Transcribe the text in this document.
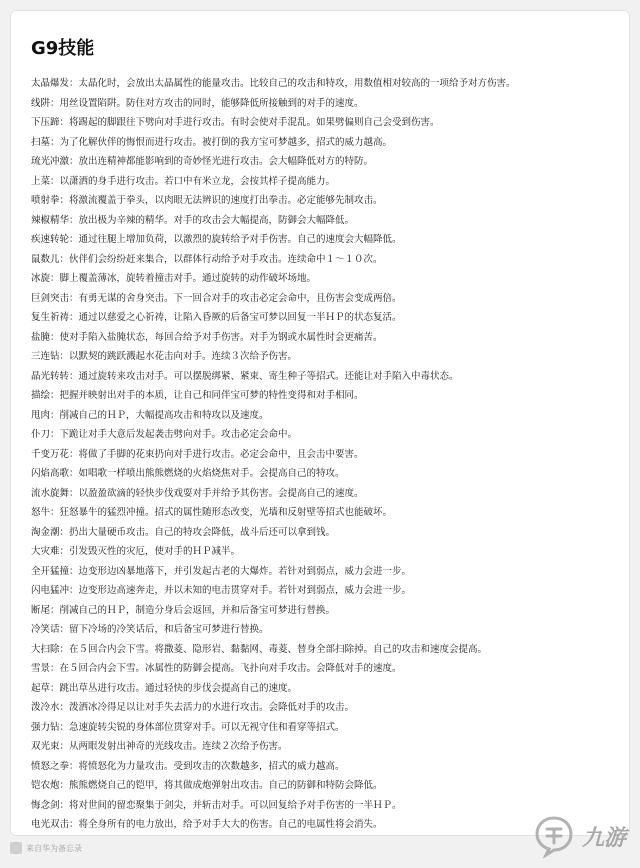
G9技能
太晶爆发：太晶化时，会放出太晶属性的能量攻击。比较自己的攻击和特攻，用数值相对较高的一项给予对方伤害。
线阱：用丝设置陷阱。防住对方攻击的同时，能够降低所接触到的对手的速度。
下压蹄：将踢起的脚跟往下劈向对手进行攻击。有时会使对手混乱。如果劈偏则自己会受到伤害。
扫墓：为了化解伙伴的悔恨而进行攻击。被打倒的我方宝可梦越多，招式的威力越高。
琉光冲激：放出连精神都能影响到的奇妙怪光进行攻击。会大幅降低对方的特防。
上菜：以潇洒的身手进行攻击。若口中有米立龙，会按其样子提高能力。
喷射拳：将激流覆盖于拳头，以肉眼无法辨识的速度打出拳击。必定能够先制攻击。
辣椒精华：放出极为辛辣的精华。对手的攻击会大幅提高，防御会大幅降低。
疾速转轮：通过往腿上增加负荷，以激烈的旋转给予对手伤害。自己的速度会大幅降低。
鼠数儿：伙伴们会纷纷赶来集合，以群体行动给予对手攻击。连续命中１～１０次。
冰旋：脚上覆盖薄冰，旋转着撞击对手。通过旋转的动作破坏场地。
巨剑突击：有勇无谋的舍身突击。下一回合对手的攻击必定会命中，且伤害会变成两倍。
复生祈祷：通过以慈爱之心祈祷，让陷入昏厥的后备宝可梦以回复一半ＨＰ的状态复活。
盐腌：使对手陷入盐腌状态，每回合给予对手伤害。对手为钢或水属性时会更痛苦。
三连钻：以默契的跳跃溅起水花击向对手。连续３次给予伤害。
晶光转转：通过旋转来攻击对手。可以摆脱绑紧、紧束、寄生种子等招式。还能让对手陷入中毒状态。
描绘：把握并映射出对手的本质，让自己和同伴宝可梦的特性变得和对手相同。
甩肉：削减自己的ＨＰ，大幅提高攻击和特攻以及速度。
仆刀：下跪让对手大意后发起袭击劈向对手。攻击必定会命中。
千变万花：将做了手脚的花束扔向对手进行攻击。必定会命中，且会击中要害。
闪焰高歌：如唱歌一样喷出熊熊燃烧的火焰烧焦对手。会提高自己的特攻。
流水旋舞：以盈盈欲滴的轻快步伐戏耍对手并给予其伤害。会提高自己的速度。
怒牛：狂怒暴牛的猛烈冲撞。招式的属性随形态改变，光墙和反射壁等招式也能破坏。
淘金潮：扔出大量硬币攻击。自己的特攻会降低，战斗后还可以拿到钱。
大灾难：引发毁灭性的灾厄，使对手的ＨＰ减半。
全开猛撞：边变形边凶暴地落下，并引发起古老的大爆炸。若针对到弱点，威力会进一步。
闪电猛冲：边变形边高速奔走，并以未知的电击贯穿对手。若针对到弱点，威力会进一步。
断尾：削减自己的ＨＰ，制造分身后会返回，并和后备宝可梦进行替换。
冷笑话：留下冷场的冷笑话后，和后备宝可梦进行替换。
大扫除：在５回合内会下雪。将撒菱、隐形岩、黏黏网、毒菱、替身全部扫除掉。自己的攻击和速度会提高。
雪景：在５回合内会下雪。冰属性的防御会提高。飞扑向对手攻击。会降低对手的速度。
起草：跳出草丛进行攻击。通过轻快的步伐会提高自己的速度。
泼冷水：泼洒冰冷得足以让对手失去活力的水进行攻击。会降低对手的攻击。
强力钻：急速旋转尖锐的身体部位贯穿对手。可以无视守住和看穿等招式。
双光束：从两眼发射出神奇的光线攻击。连续２次给予伤害。
愤怒之拳：将愤怒化为力量攻击。受到攻击的次数越多，招式的威力越高。
铠农炮：熊熊燃烧自己的铠甲，将其做成炮弹射出攻击。自己的防御和特防会降低。
悔念剑：将对世间的留恋聚集于剑尖，并斩击对手。可以回复给予对手伤害的一半ＨＰ。
电光双击：将全身所有的电力放出，给予对手大大的伤害。自己的电属性将会消失。
来自华为备忘录	九游
